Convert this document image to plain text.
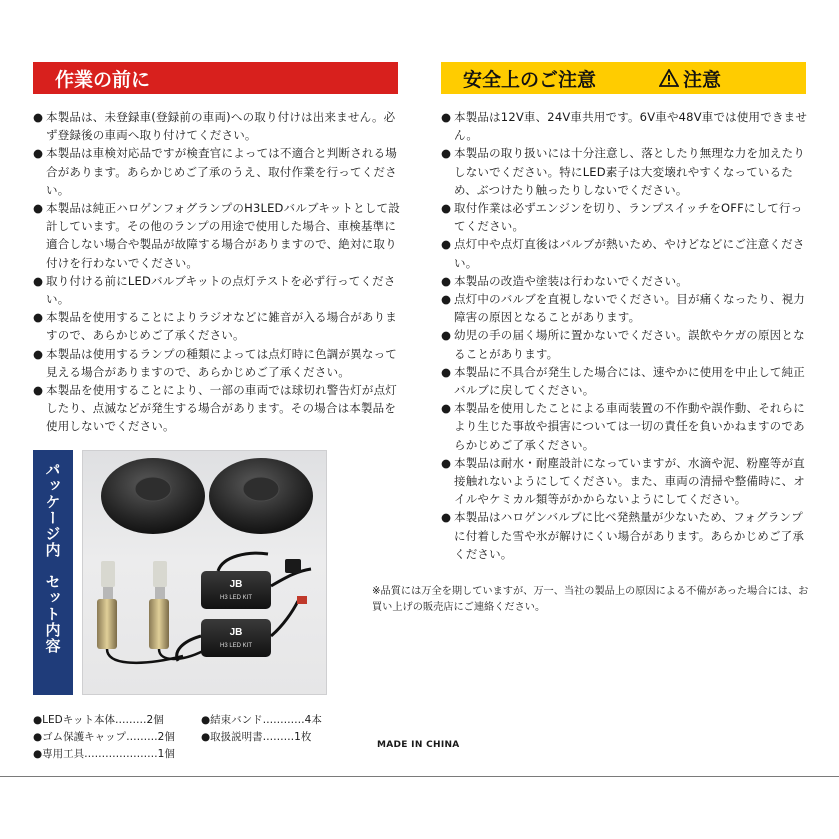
作業の前に	安全上のご注意	注意
● 本製品は、未登録車(登録前の車両)への取り付けは出来ません。必ず登録後の車両へ取り付けてください。
● 本製品は車検対応品ですが検査官によっては不適合と判断される場合があります。あらかじめご了承のうえ、取付作業を行ってください。
● 本製品は純正ハロゲンフォグランプのH3LEDバルブキットとして設計しています。その他のランプの用途で使用した場合、車検基準に適合しない場合や製品が故障する場合がありますので、絶対に取り付けを行わないでください。
● 取り付ける前にLEDバルブキットの点灯テストを必ず行ってください。
● 本製品を使用することによりラジオなどに雑音が入る場合がありますので、あらかじめご了承ください。
● 本製品は使用するランプの種類によっては点灯時に色調が異なって見える場合がありますので、あらかじめご了承ください。
● 本製品を使用することにより、一部の車両では球切れ警告灯が点灯したり、点滅などが発生する場合があります。その場合は本製品を使用しないでください。
● 本製品は12V車、24V車共用です。6V車や48V車では使用できません。
● 本製品の取り扱いには十分注意し、落としたり無理な力を加えたりしないでください。特にLED素子は大変壊れやすくなっているため、ぶつけたり触ったりしないでください。
● 取付作業は必ずエンジンを切り、ランプスイッチをOFFにして行ってください。
● 点灯中や点灯直後はバルブが熱いため、やけどなどにご注意ください。
● 本製品の改造や塗装は行わないでください。
● 点灯中のバルブを直視しないでください。目が痛くなったり、視力障害の原因となることがあります。
● 幼児の手の届く場所に置かないでください。誤飲やケガの原因となることがあります。
● 本製品に不具合が発生した場合には、速やかに使用を中止して純正バルブに戻してください。
● 本製品を使用したことによる車両装置の不作動や誤作動、それらにより生じた事故や損害については一切の責任を負いかねますのであらかじめご了承ください。
● 本製品は耐水・耐塵設計になっていますが、水滴や泥、粉塵等が直接触れないようにしてください。また、車両の清掃や整備時に、オイルやケミカル類等がかからないようにしてください。
● 本製品はハロゲンバルブに比べ発熱量が少ないため、フォグランプに付着した雪や氷が解けにくい場合があります。あらかじめご了承ください。
※品質には万全を期していますが、万一、当社の製品上の原因による不備があった場合には、お買い上げの販売店にご連絡ください。
パッケージ内　セット内容	JB
H3 LED KIT
JB
H3 LED KIT
●LEDキット本体………2個
●ゴム保護キャップ………2個
●専用工具…………………1個
●結束バンド…………4本
●取扱説明書………1枚
MADE IN CHINA
